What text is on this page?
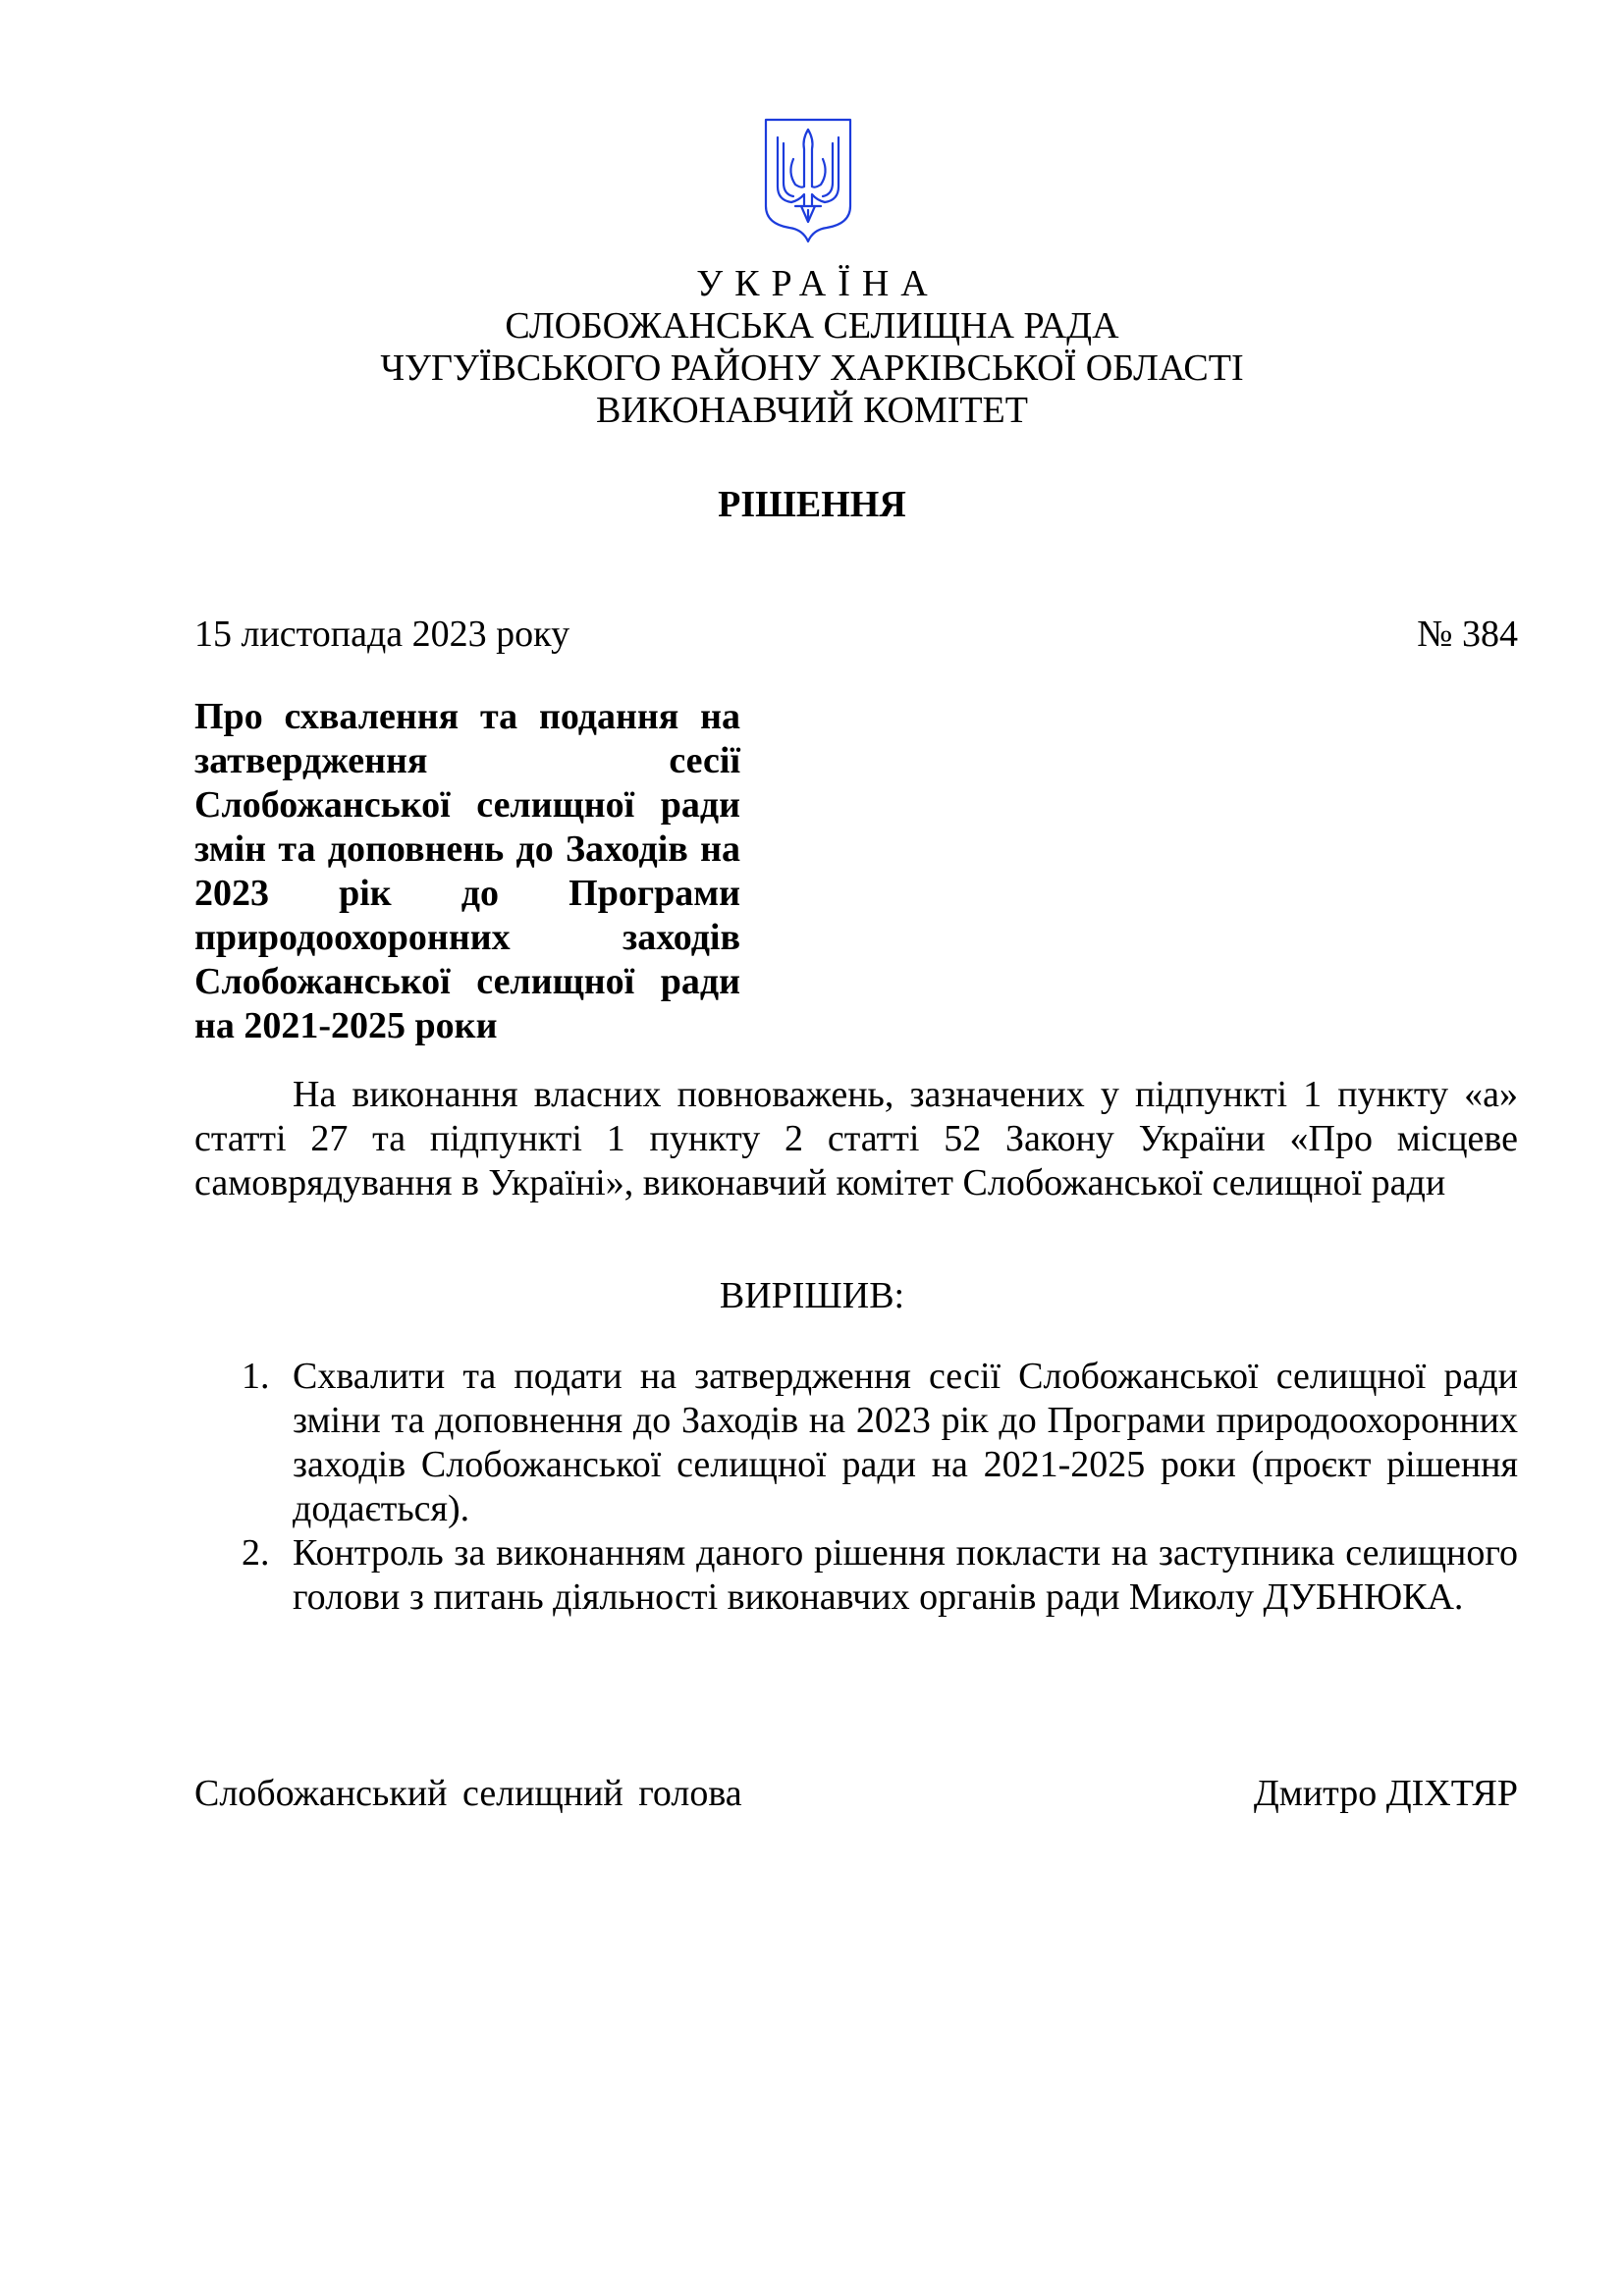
УКРАЇНА
СЛОБОЖАНСЬКА СЕЛИЩНА РАДА
ЧУГУЇВСЬКОГО РАЙОНУ ХАРКІВСЬКОЇ ОБЛАСТІ
ВИКОНАВЧИЙ КОМІТЕТ
РІШЕННЯ
15 листопада 2023 року	№ 384
Про схвалення та подання на затвердження сесії Слобожанської селищної ради змін та доповнень до Заходів на 2023 рік до Програми природоохоронних заходів Слобожанської селищної ради на 2021-2025 роки
На виконання власних повноважень, зазначених у підпункті 1 пункту «а» статті 27 та підпункті 1 пункту 2 статті 52 Закону України «Про місцеве самоврядування в Україні», виконавчий комітет Слобожанської селищної ради
ВИРІШИВ:
1. Схвалити та подати на затвердження сесії Слобожанської селищної ради зміни та доповнення до Заходів на 2023 рік до Програми природоохоронних заходів Слобожанської селищної ради на 2021-2025 роки (проєкт рішення додається).
2. Контроль за виконанням даного рішення покласти на заступника селищного голови з питань діяльності виконавчих органів ради Миколу ДУБНЮКА.
Слобожанський селищний голова	Дмитро ДІХТЯР
